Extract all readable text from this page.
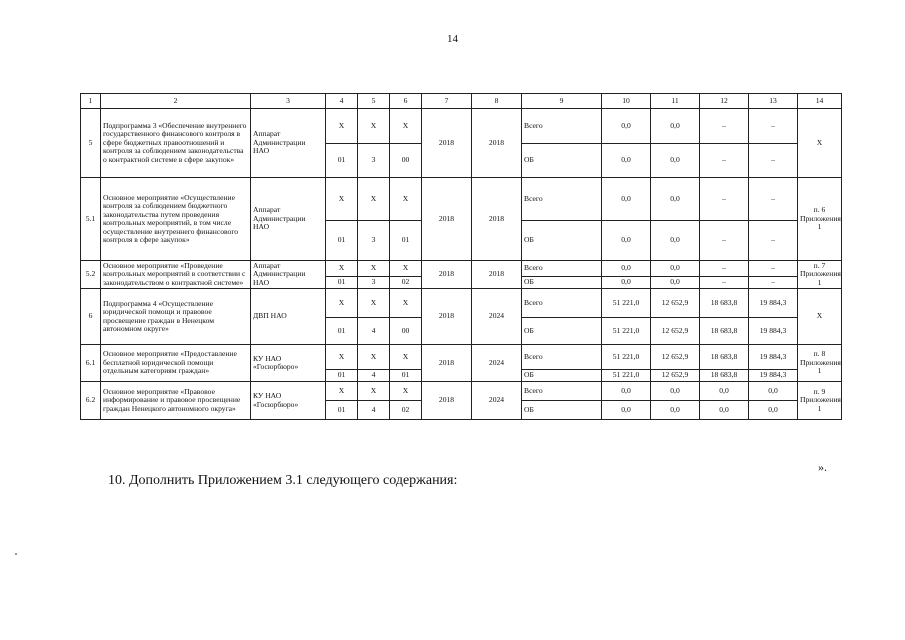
14
1	2	3	4	5	6	7	8	9	10	11	12	13	14
5	Подпрограмма 3 «Обеспечение внутреннего государственного финансового контроля в сфере бюджетных правоотношений и контроля за соблюдением законодательства о контрактной системе в сфере закупок»	Аппарат Администрации НАО	Х	Х	Х	2018	2018	Всего	0,0	0,0	–	–	Х
			01	3	00			ОБ	0,0	0,0	–	–	
5.1	Основное мероприятие «Осуществление контроля за соблюдением бюджетного законодательства путем проведения контрольных мероприятий, в том числе осуществление внутреннего финансового контроля в сфере закупок»	Аппарат Администрации НАО	Х	Х	Х	2018	2018	Всего	0,0	0,0	–	–	п. 6 Приложения 1
			01	3	01			ОБ	0,0	0,0	–	–	
5.2	Основное мероприятие «Проведение контрольных мероприятий в соответствии с законодательством о контрактной системе»	Аппарат Администрации НАО	Х	Х	Х	2018	2018	Всего	0,0	0,0	–	–	п. 7 Приложения 1
			01	3	02			ОБ	0,0	0,0	–	–	
6	Подпрограмма 4 «Осуществление юридической помощи и правовое просвещение граждан в Ненецком автономном округе»	ДВП НАО	Х	Х	Х	2018	2024	Всего	51 221,0	12 652,9	18 683,8	19 884,3	Х
			01	4	00			ОБ	51 221,0	12 652,9	18 683,8	19 884,3	
6.1	Основное мероприятие «Предоставление бесплатной юридической помощи отдельным категориям граждан»	КУ НАО «Госюрбюро»	Х	Х	Х	2018	2024	Всего	51 221,0	12 652,9	18 683,8	19 884,3	п. 8 Приложения 1
			01	4	01			ОБ	51 221,0	12 652,9	18 683,8	19 884,3	
6.2	Основное мероприятие «Правовое информирование и правовое просвещение граждан Ненецкого автономного округа»	КУ НАО «Госюрбюро»	Х	Х	Х	2018	2024	Всего	0,0	0,0	0,0	0,0	п. 9 Приложения 1
			01	4	02			ОБ	0,0	0,0	0,0	0,0	
».
10. Дополнить Приложением 3.1 следующего содержания:
